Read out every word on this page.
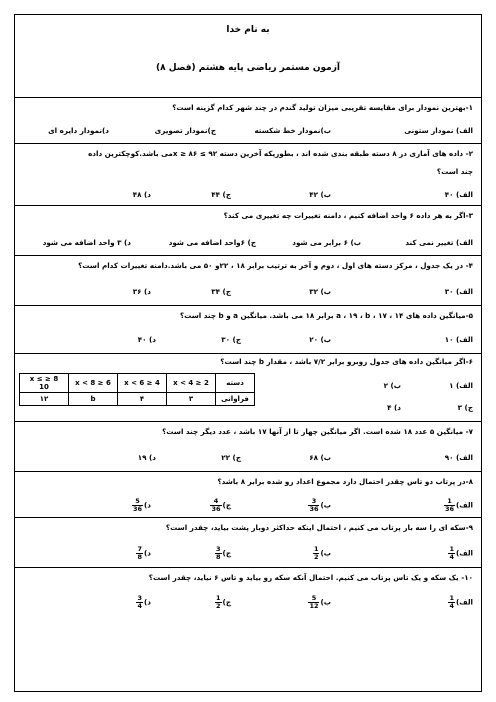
به نام خدا
آزمون مستمر ریاضی پایه هشتم (فصل ۸)
۱-بهترین نمودار برای مقایسه تقریبی میزان تولید گندم در چند شهر کدام گزینه است؟
الف) نمودار ستونی
ب)نمودار خط شکسته
ج)نمودار تصویری
د)نمودار دایره ای
۲- داده های آماری در ۸ دسته طبقه بندی شده اند ، بطوریکه آخرین دسته ۹۲ ≥ x ≥ ۸۶می باشد.کوچکترین داده
چند است؟
الف) ۴۰
ب) ۴۲
ج) ۴۴
د) ۴۸
۳-اگر به هر داده ۶ واحد اضافه کنیم ، دامنه تغییرات چه تغییری می کند؟
الف) تغییر نمی کند
ب) ۶ برابر می شود
ج) ۶واحد اضافه می شود
د) ۳ واحد اضافه می شود
۴- در یک جدول ، مرکز دسته های اول ، دوم و آخر به ترتیب برابر ۱۸ ، ۲۲و ۵۰ می باشد.دامنه تغییرات کدام است؟
الف) ۳۰
ب) ۳۲
ج) ۳۴
د) ۳۶
۵-میانگین داده های ۱۴ ، ۱۷ ، a ، ۱۹ ، b برابر ۱۸ می باشد. میانگین a و b چند است؟
الف) ۱۰
ب) ۲۰
ج) ۳۰
د) ۴۰
۶-اگر میانگین داده های جدول روبرو برابر ۷/۲ باشد ، مقدار b چند است؟
الف) ۱
ب) ۲
ج) ۳
د) ۴
دسته	2 ≤ x < 4	4 ≤ x < 6	6 ≤ x < 8	8 ≤ x ≤ 10
فراوانی	۳	۴	b	۱۲
۷- میانگین ۵ عدد ۱۸ شده است. اگر میانگین چهار تا از آنها ۱۷ باشد ، عدد دیگر چند است؟
الف) ۹۰
ب) ۶۸
ج) ۲۲
د) ۱۹
۸-در پرتاب دو تاس چقدر احتمال دارد مجموع اعداد رو شده برابر ۸ باشد؟
الف)
$\frac{1}{36}$
ب)
$\frac{3}{36}$
ج)
$\frac{4}{36}$
د)
$\frac{5}{36}$
۹-سکه ای را سه بار پرتاب می کنیم ، احتمال اینکه حداکثر دوبار پشت بیاید، چقدر است؟
الف)
$\frac{1}{4}$
ب)
$\frac{1}{2}$
ج)
$\frac{3}{8}$
د)
$\frac{7}{8}$
۱۰- یک سکه و یک تاس پرتاب می کنیم. احتمال آنکه سکه رو بیاید و تاس ۶ نیاید، چقدر است؟
الف)
$\frac{1}{4}$
ب)
$\frac{5}{12}$
ج)
$\frac{1}{2}$
د)
$\frac{3}{4}$
